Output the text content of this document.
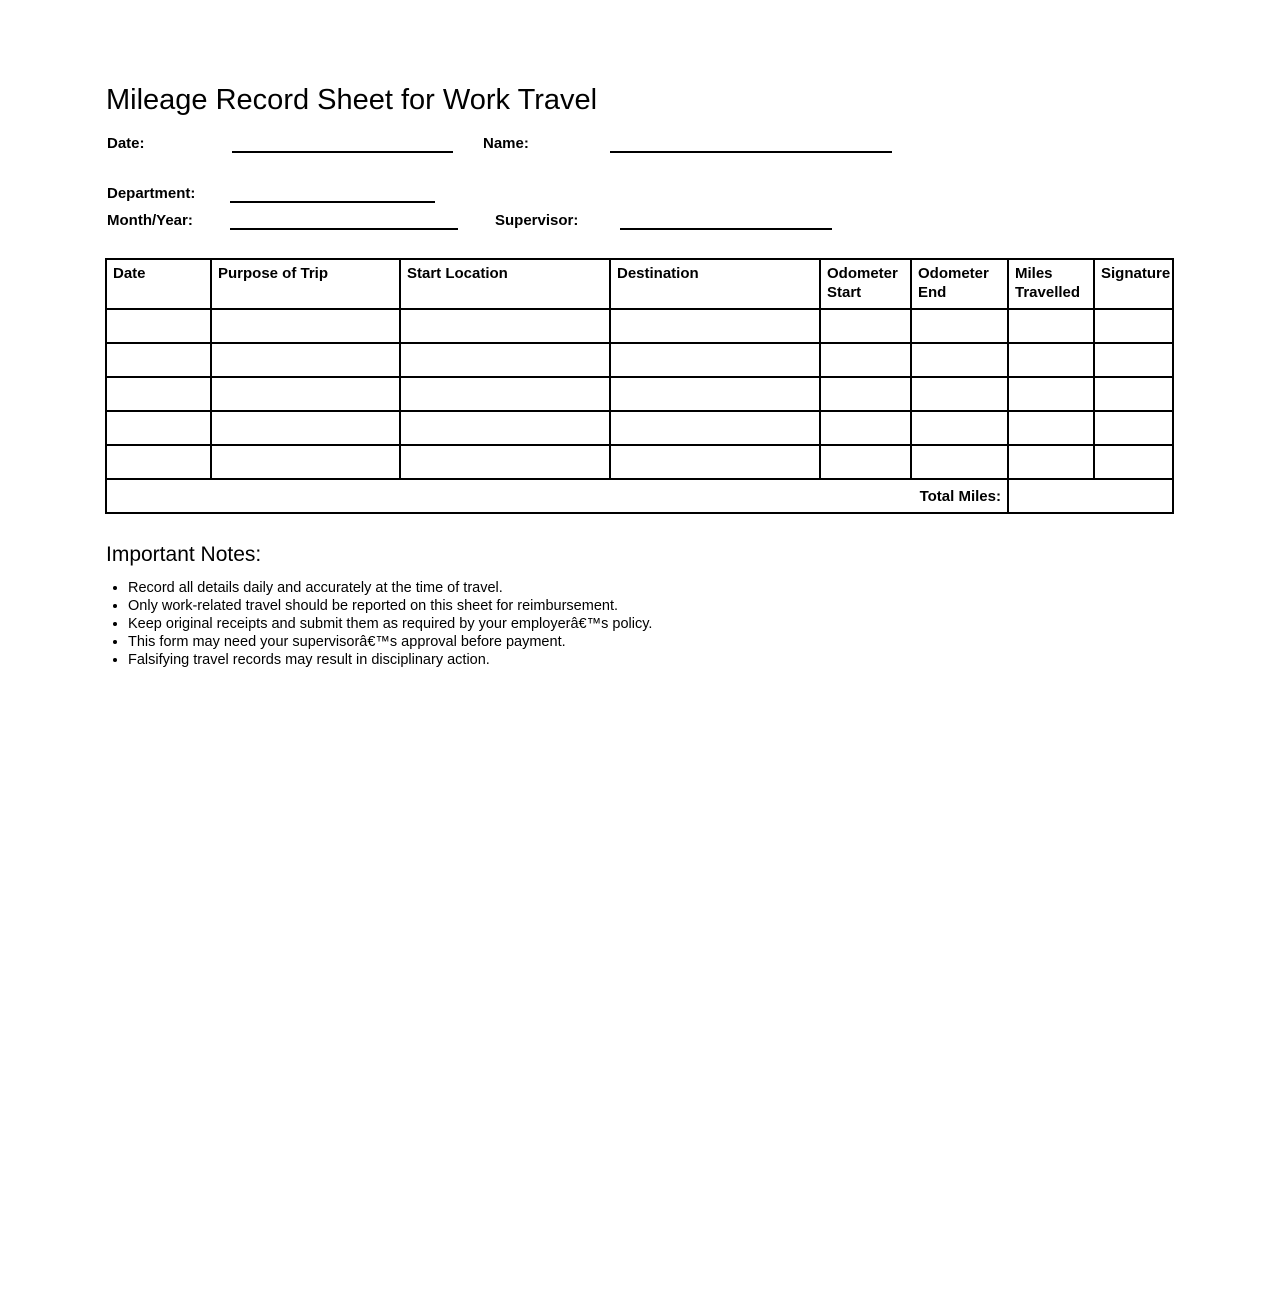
Mileage Record Sheet for Work Travel
Date:	Name:
Department:
Month/Year:	Supervisor:
Date	Purpose of Trip	Start Location	Destination	Odometer Start	Odometer End	Miles Travelled	Signature

Total Miles:							
Important Notes:
• Record all details daily and accurately at the time of travel.
• Only work-related travel should be reported on this sheet for reimbursement.
• Keep original receipts and submit them as required by your employerâ€™s policy.
• This form may need your supervisorâ€™s approval before payment.
• Falsifying travel records may result in disciplinary action.
